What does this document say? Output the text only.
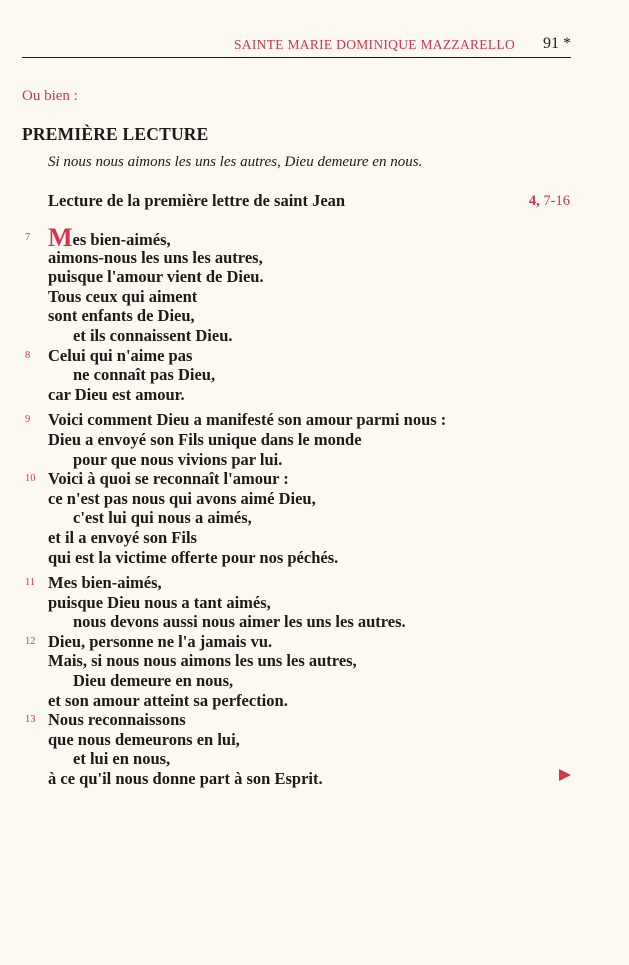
SAINTE MARIE DOMINIQUE MAZZARELLO 91 *
Ou bien :
PREMIÈRE LECTURE
Si nous nous aimons les uns les autres, Dieu demeure en nous.
Lecture de la première lettre de saint Jean	4, 7-16
7 Mes bien-aimés,
aimons-nous les uns les autres,
puisque l'amour vient de Dieu.
Tous ceux qui aiment
sont enfants de Dieu,
et ils connaissent Dieu.
8 Celui qui n'aime pas
ne connaît pas Dieu,
car Dieu est amour.
9 Voici comment Dieu a manifesté son amour parmi nous :
Dieu a envoyé son Fils unique dans le monde
pour que nous vivions par lui.
10 Voici à quoi se reconnaît l'amour :
ce n'est pas nous qui avons aimé Dieu,
c'est lui qui nous a aimés,
et il a envoyé son Fils
qui est la victime offerte pour nos péchés.
11 Mes bien-aimés,
puisque Dieu nous a tant aimés,
nous devons aussi nous aimer les uns les autres.
12 Dieu, personne ne l'a jamais vu.
Mais, si nous nous aimons les uns les autres,
Dieu demeure en nous,
et son amour atteint sa perfection.
13 Nous reconnaissons
que nous demeurons en lui,
et lui en nous,
à ce qu'il nous donne part à son Esprit.
